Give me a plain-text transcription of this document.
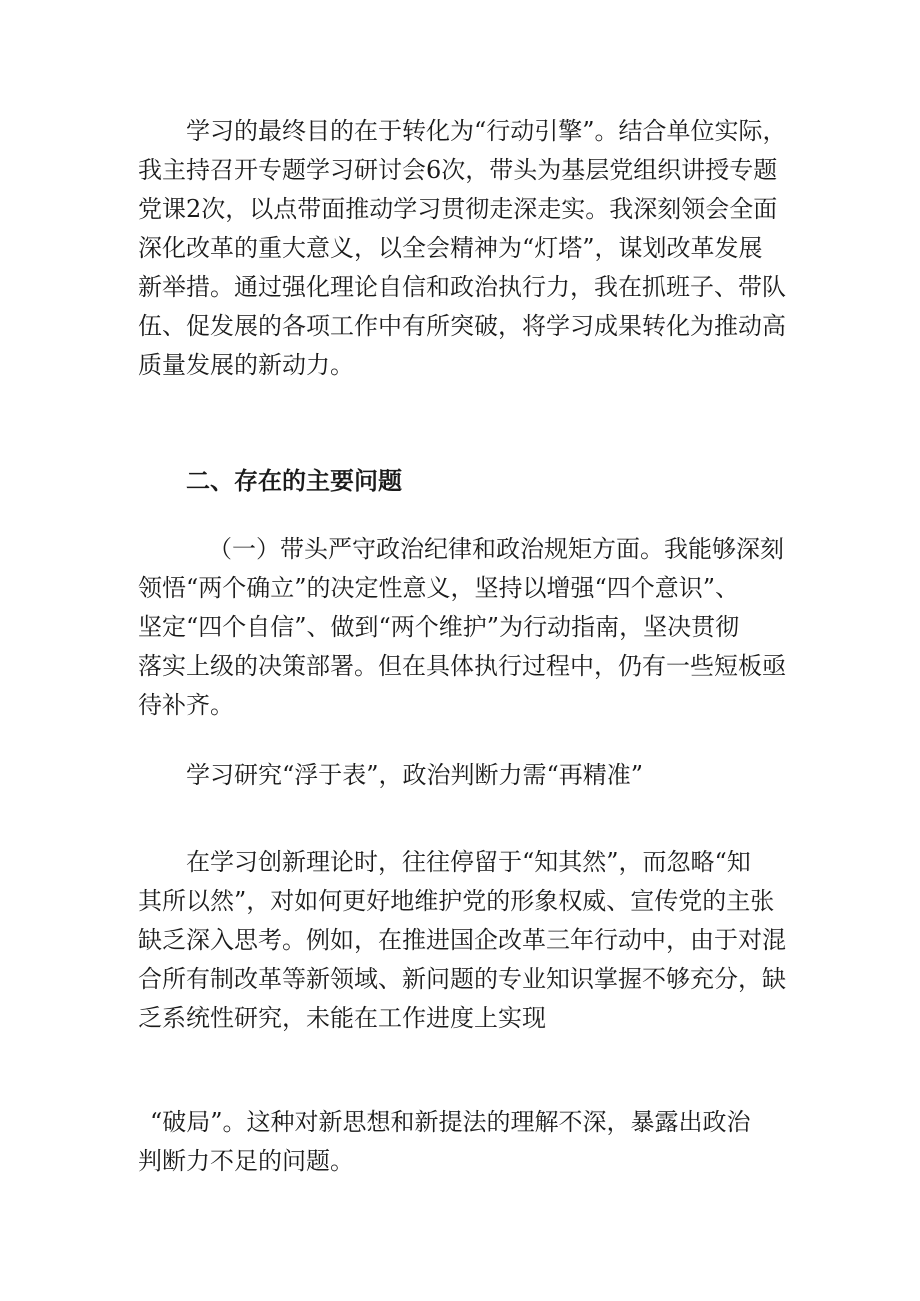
学习的最终目的在于转化为“行动引擎”。结合单位实际，
我主持召开专题学习研讨会6次，带头为基层党组织讲授专题
党课2次，以点带面推动学习贯彻走深走实。我深刻领会全面
深化改革的重大意义，以全会精神为“灯塔”，谋划改革发展
新举措。通过强化理论自信和政治执行力，我在抓班子、带队
伍、促发展的各项工作中有所突破，将学习成果转化为推动高
质量发展的新动力。
二、存在的主要问题
（一）带头严守政治纪律和政治规矩方面。我能够深刻
领悟“两个确立”的决定性意义，坚持以增强“四个意识”、
坚定“四个自信”、做到“两个维护”为行动指南，坚决贯彻
落实上级的决策部署。但在具体执行过程中，仍有一些短板亟
待补齐。
学习研究“浮于表”，政治判断力需“再精准”
在学习创新理论时，往往停留于“知其然”，而忽略“知
其所以然”，对如何更好地维护党的形象权威、宣传党的主张
缺乏深入思考。例如，在推进国企改革三年行动中，由于对混
合所有制改革等新领域、新问题的专业知识掌握不够充分，缺
乏系统性研究，未能在工作进度上实现
“破局”。这种对新思想和新提法的理解不深，暴露出政治
判断力不足的问题。
